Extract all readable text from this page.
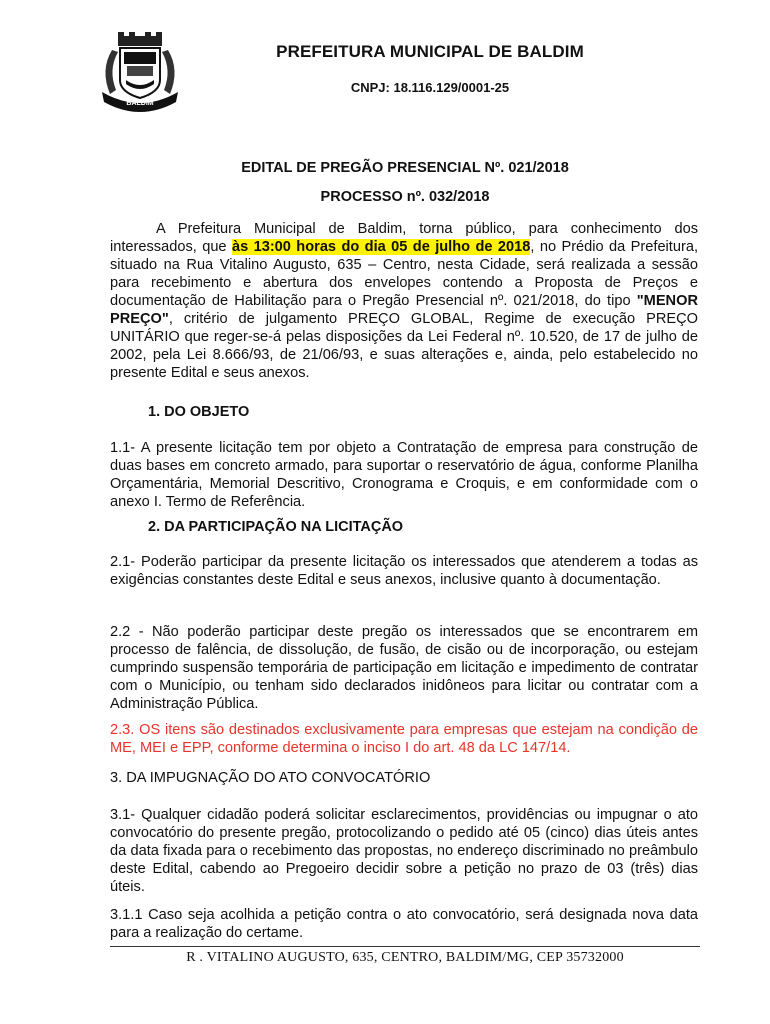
BALDIM
PREFEITURA MUNICIPAL DE BALDIM
CNPJ: 18.116.129/0001-25
EDITAL DE PREGÃO PRESENCIAL Nº. 021/2018
PROCESSO nº. 032/2018

A Prefeitura Municipal de Baldim, torna público, para conhecimento dos interessados, que às 13:00 horas do dia 05 de julho de 2018, no Prédio da Prefeitura, situado na Rua Vitalino Augusto, 635 – Centro, nesta Cidade, será realizada a sessão para recebimento e abertura dos envelopes contendo a Proposta de Preços e documentação de Habilitação para o Pregão Presencial nº. 021/2018, do tipo "MENOR PREÇO", critério de julgamento PREÇO GLOBAL, Regime de execução PREÇO UNITÁRIO que reger-se-á pelas disposições da Lei Federal nº. 10.520, de 17 de julho de 2002, pela Lei 8.666/93, de 21/06/93, e suas alterações e, ainda, pelo estabelecido no presente Edital e seus anexos.

1. DO OBJETO

1.1- A presente licitação tem por objeto a Contratação de empresa para construção de duas bases em concreto armado, para suportar o reservatório de água, conforme Planilha Orçamentária, Memorial Descritivo, Cronograma e Croquis, e em conformidade com o anexo I. Termo de Referência.

2. DA PARTICIPAÇÃO NA LICITAÇÃO

2.1- Poderão participar da presente licitação os interessados que atenderem a todas as exigências constantes deste Edital e seus anexos, inclusive quanto à documentação.

2.2 - Não poderão participar deste pregão os interessados que se encontrarem em processo de falência, de dissolução, de fusão, de cisão ou de incorporação, ou estejam cumprindo suspensão temporária de participação em licitação e impedimento de contratar com o Município, ou tenham sido declarados inidôneos para licitar ou contratar com a Administração Pública.

2.3. OS itens são destinados exclusivamente para empresas que estejam na condição de ME, MEI e EPP, conforme determina o inciso I do art. 48 da LC 147/14.

3. DA IMPUGNAÇÃO DO ATO CONVOCATÓRIO

3.1- Qualquer cidadão poderá solicitar esclarecimentos, providências ou impugnar o ato convocatório do presente pregão, protocolizando o pedido até 05 (cinco) dias úteis antes da data fixada para o recebimento das propostas, no endereço discriminado no preâmbulo deste Edital, cabendo ao Pregoeiro decidir sobre a petição no prazo de 03 (três) dias úteis.

3.1.1 Caso seja acolhida a petição contra o ato convocatório, será designada nova data para a realização do certame.

R . VITALINO AUGUSTO, 635, CENTRO, BALDIM/MG, CEP 35732000
